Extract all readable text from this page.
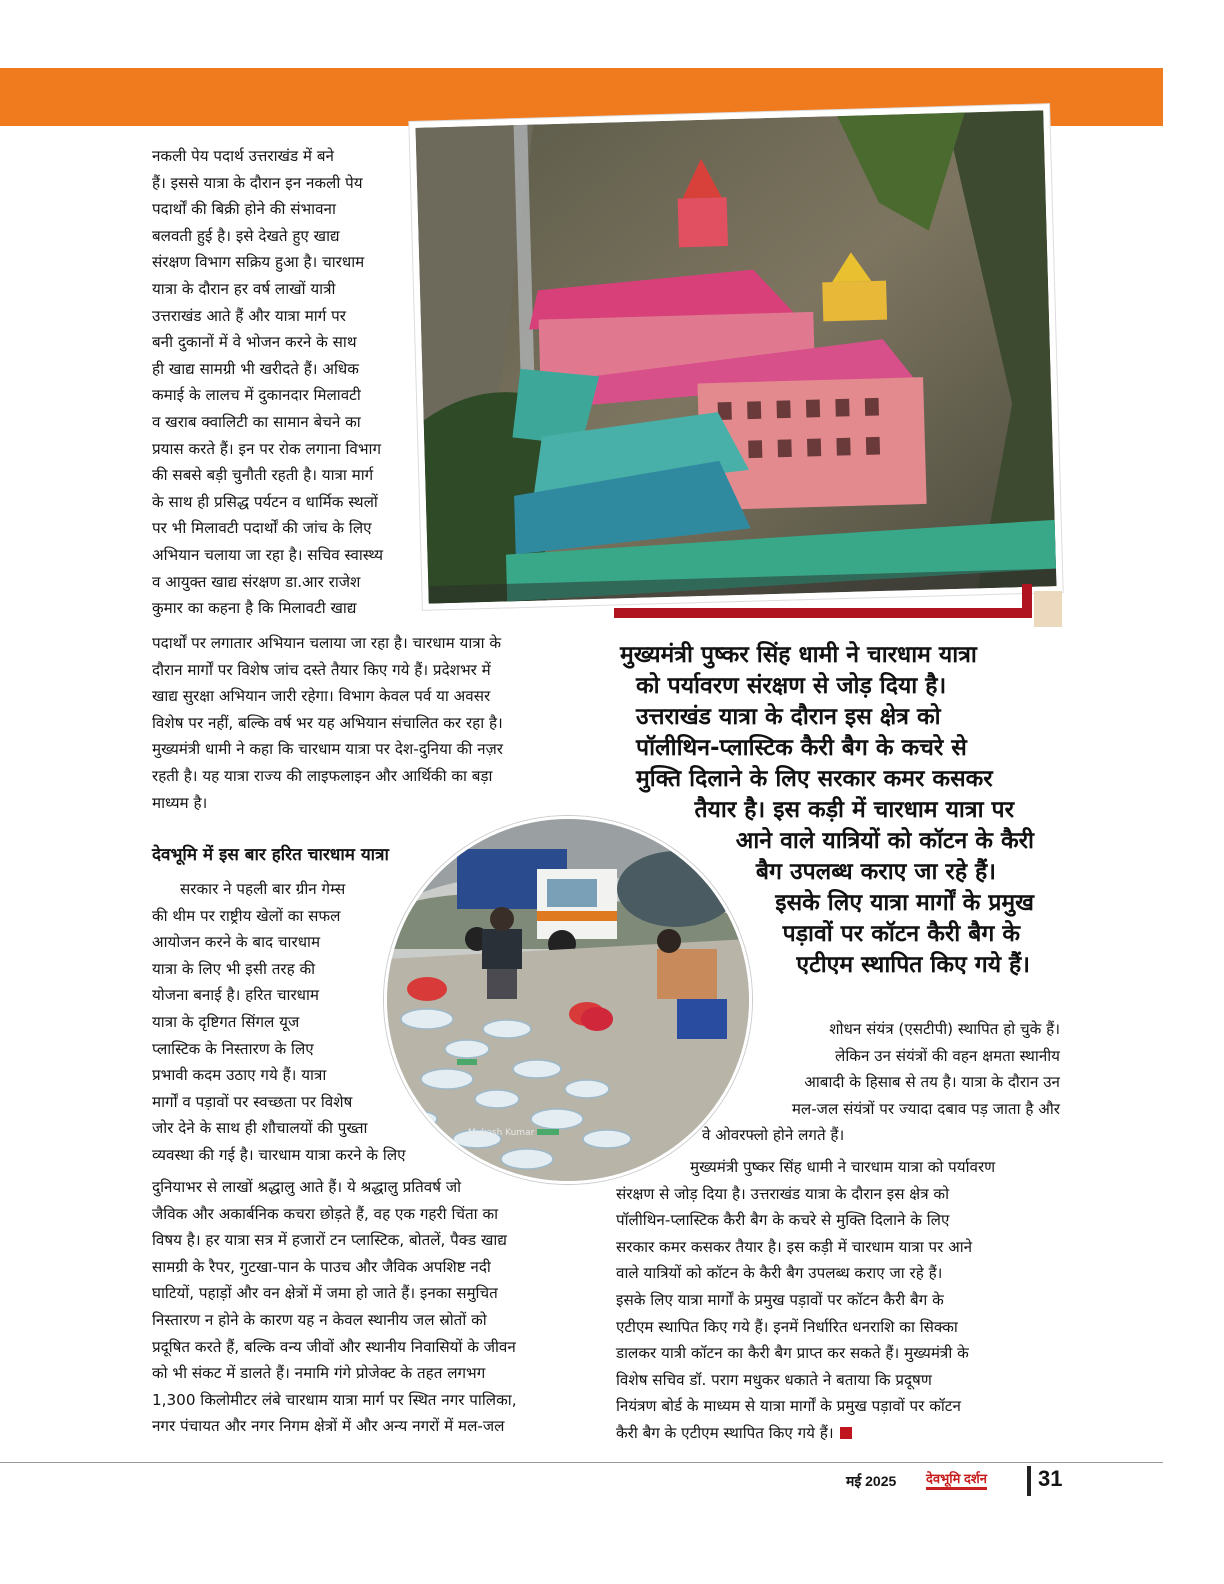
नकली पेय पदार्थ उत्तराखंड में बने

हैं। इससे यात्रा के दौरान इन नकली पेय

पदार्थों की बिक्री होने की संभावना

बलवती हुई है। इसे देखते हुए खाद्य

संरक्षण विभाग सक्रिय हुआ है। चारधाम

यात्रा के दौरान हर वर्ष लाखों यात्री

उत्तराखंड आते हैं और यात्रा मार्ग पर

बनी दुकानों में वे भोजन करने के साथ

ही खाद्य सामग्री भी खरीदते हैं। अधिक

कमाई के लालच में दुकानदार मिलावटी

व खराब क्वालिटी का सामान बेचने का

प्रयास करते हैं। इन पर रोक लगाना विभाग

की सबसे बड़ी चुनौती रहती है। यात्रा मार्ग

के साथ ही प्रसिद्ध पर्यटन व धार्मिक स्थलों

पर भी मिलावटी पदार्थों की जांच के लिए

अभियान चलाया जा रहा है। सचिव स्वास्थ्य

व आयुक्त खाद्य संरक्षण डा.आर राजेश

कुमार का कहना है कि मिलावटी खाद्य

पदार्थों पर लगातार अभियान चलाया जा रहा है। चारधाम यात्रा के

दौरान मार्गों पर विशेष जांच दस्ते तैयार किए गये हैं। प्रदेशभर में

खाद्य सुरक्षा अभियान जारी रहेगा। विभाग केवल पर्व या अवसर

विशेष पर नहीं, बल्कि वर्ष भर यह अभियान संचालित कर रहा है।

मुख्यमंत्री धामी ने कहा कि चारधाम यात्रा पर देश-दुनिया की नज़र

रहती है। यह यात्रा राज्य की लाइफलाइन और आर्थिकी का बड़ा

माध्यम है।

देवभूमि में इस बार हरित चारधाम यात्रा

सरकार ने पहली बार ग्रीन गेम्स

की थीम पर राष्ट्रीय खेलों का सफल

आयोजन करने के बाद चारधाम

यात्रा के लिए भी इसी तरह की

योजना बनाई है। हरित चारधाम

यात्रा के दृष्टिगत सिंगल यूज

प्लास्टिक के निस्तारण के लिए

प्रभावी कदम उठाए गये हैं। यात्रा

मार्गों व पड़ावों पर स्वच्छता पर विशेष

जोर देने के साथ ही शौचालयों की पुख्ता

व्यवस्था की गई है। चारधाम यात्रा करने के लिए

Mukesh Kumar

दुनियाभर से लाखों श्रद्धालु आते हैं। ये श्रद्धालु प्रतिवर्ष जो

जैविक और अकार्बनिक कचरा छोड़ते हैं, वह एक गहरी चिंता का

विषय है। हर यात्रा सत्र में हजारों टन प्लास्टिक, बोतलें, पैक्ड खाद्य

सामग्री के रैपर, गुटखा-पान के पाउच और जैविक अपशिष्ट नदी

घाटियों, पहाड़ों और वन क्षेत्रों में जमा हो जाते हैं। इनका समुचित

निस्तारण न होने के कारण यह न केवल स्थानीय जल स्रोतों को

प्रदूषित करते हैं, बल्कि वन्य जीवों और स्थानीय निवासियों के जीवन

को भी संकट में डालते हैं। नमामि गंगे प्रोजेक्ट के तहत लगभग

1,300 किलोमीटर लंबे चारधाम यात्रा मार्ग पर स्थित नगर पालिका,

नगर पंचायत और नगर निगम क्षेत्रों में और अन्य नगरों में मल-जल

मुख्यमंत्री पुष्कर सिंह धामी ने चारधाम यात्रा
को पर्यावरण संरक्षण से जोड़ दिया है।
उत्तराखंड यात्रा के दौरान इस क्षेत्र को
पॉलीथिन-प्लास्टिक कैरी बैग के कचरे से
मुक्ति दिलाने के लिए सरकार कमर कसकर
तैयार है। इस कड़ी में चारधाम यात्रा पर
आने वाले यात्रियों को कॉटन के कैरी
बैग उपलब्ध कराए जा रहे हैं।
इसके लिए यात्रा मार्गों के प्रमुख
पड़ावों पर कॉटन कैरी बैग के
एटीएम स्थापित किए गये हैं।

शोधन संयंत्र (एसटीपी) स्थापित हो चुके हैं।

लेकिन उन संयंत्रों की वहन क्षमता स्थानीय

आबादी के हिसाब से तय है। यात्रा के दौरान उन

मल-जल संयंत्रों पर ज्यादा दबाव पड़ जाता है और

वे ओवरफ्लो होने लगते हैं।

मुख्यमंत्री पुष्कर सिंह धामी ने चारधाम यात्रा को पर्यावरण

संरक्षण से जोड़ दिया है। उत्तराखंड यात्रा के दौरान इस क्षेत्र को

पॉलीथिन-प्लास्टिक कैरी बैग के कचरे से मुक्ति दिलाने के लिए

सरकार कमर कसकर तैयार है। इस कड़ी में चारधाम यात्रा पर आने

वाले यात्रियों को कॉटन के कैरी बैग उपलब्ध कराए जा रहे हैं।

इसके लिए यात्रा मार्गों के प्रमुख पड़ावों पर कॉटन कैरी बैग के

एटीएम स्थापित किए गये हैं। इनमें निर्धारित धनराशि का सिक्का

डालकर यात्री कॉटन का कैरी बैग प्राप्त कर सकते हैं। मुख्यमंत्री के

विशेष सचिव डॉ. पराग मधुकर धकाते ने बताया कि प्रदूषण

नियंत्रण बोर्ड के माध्यम से यात्रा मार्गों के प्रमुख पड़ावों पर कॉटन

कैरी बैग के एटीएम स्थापित किए गये हैं।

मई 2025 देवभूमि दर्शन 31
